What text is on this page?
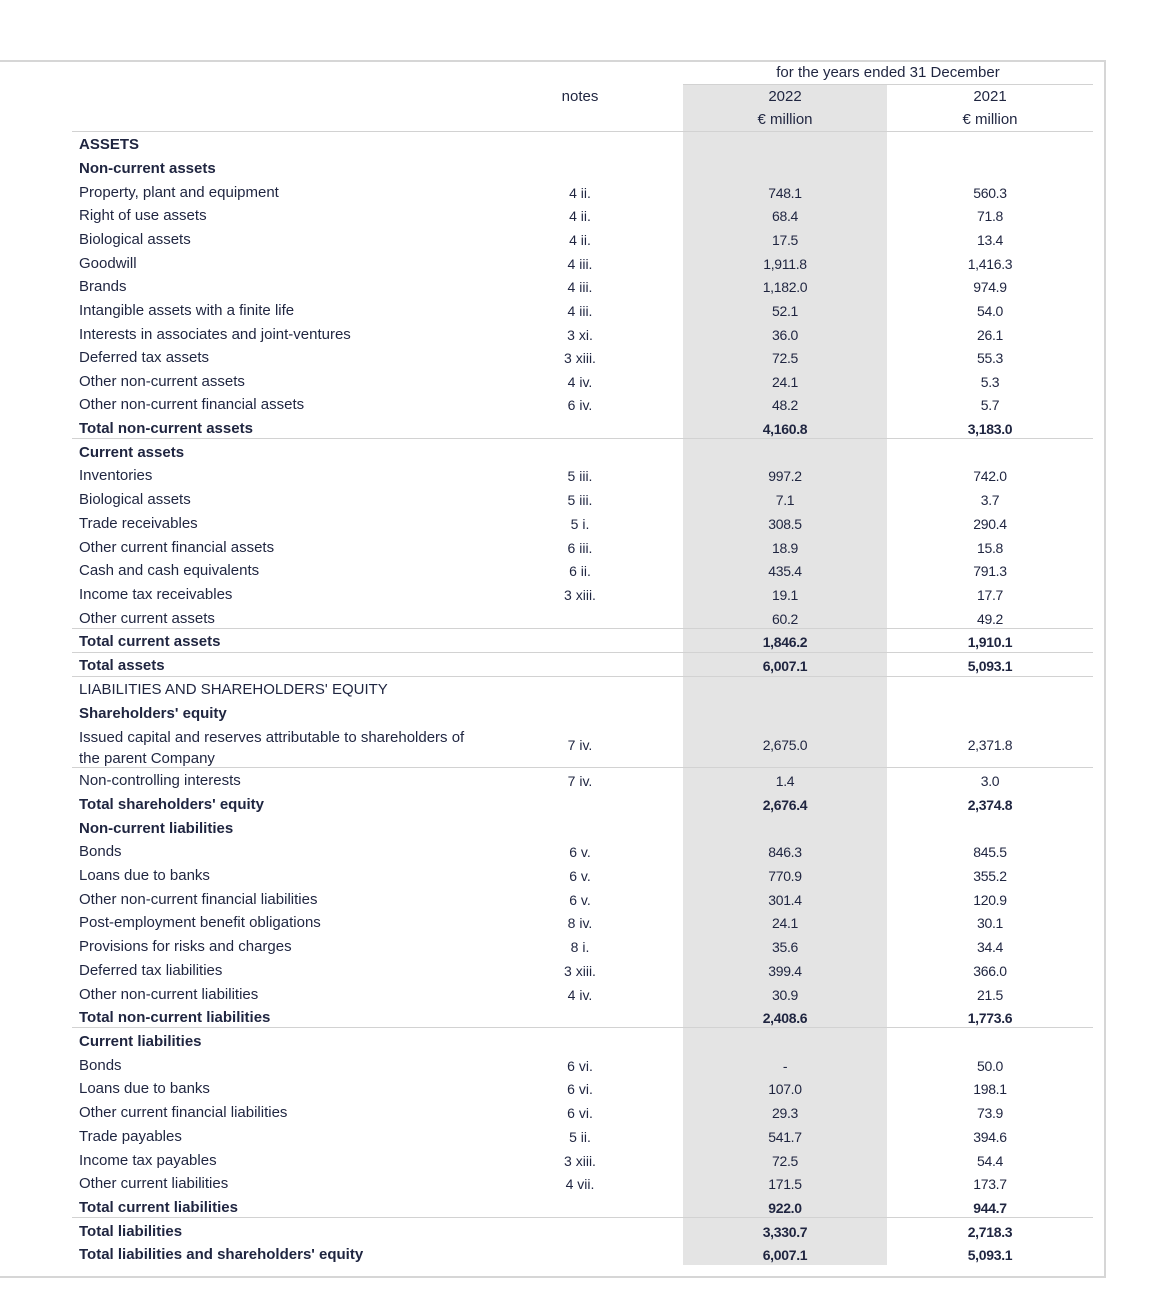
for the years ended 31 December
notes	2022	2021
€ million	€ million
ASSETS
Non-current assets
Property, plant and equipment	4 ii.	748.1	560.3
Right of use assets	4 ii.	68.4	71.8
Biological assets	4 ii.	17.5	13.4
Goodwill	4 iii.	1,911.8	1,416.3
Brands	4 iii.	1,182.0	974.9
Intangible assets with a finite life	4 iii.	52.1	54.0
Interests in associates and joint-ventures	3 xi.	36.0	26.1
Deferred tax assets	3 xiii.	72.5	55.3
Other non-current assets	4 iv.	24.1	5.3
Other non-current financial assets	6 iv.	48.2	5.7
Total non-current assets	4,160.8	3,183.0
Current assets
Inventories	5 iii.	997.2	742.0
Biological assets	5 iii.	7.1	3.7
Trade receivables	5 i.	308.5	290.4
Other current financial assets	6 iii.	18.9	15.8
Cash and cash equivalents	6 ii.	435.4	791.3
Income tax receivables	3 xiii.	19.1	17.7
Other current assets	60.2	49.2
Total current assets	1,846.2	1,910.1
Total assets	6,007.1	5,093.1
LIABILITIES AND SHAREHOLDERS' EQUITY
Shareholders' equity
Issued capital and reserves attributable to shareholders of the parent Company
7 iv.	2,675.0	2,371.8
Non-controlling interests	7 iv.	1.4	3.0
Total shareholders' equity	2,676.4	2,374.8
Non-current liabilities
Bonds	6 v.	846.3	845.5
Loans due to banks	6 v.	770.9	355.2
Other non-current financial liabilities	6 v.	301.4	120.9
Post-employment benefit obligations	8 iv.	24.1	30.1
Provisions for risks and charges	8 i.	35.6	34.4
Deferred tax liabilities	3 xiii.	399.4	366.0
Other non-current liabilities	4 iv.	30.9	21.5
Total non-current liabilities	2,408.6	1,773.6
Current liabilities
Bonds	6 vi.	-	50.0
Loans due to banks	6 vi.	107.0	198.1
Other current financial liabilities	6 vi.	29.3	73.9
Trade payables	5 ii.	541.7	394.6
Income tax payables	3 xiii.	72.5	54.4
Other current liabilities	4 vii.	171.5	173.7
Total current liabilities	922.0	944.7
Total liabilities	3,330.7	2,718.3
Total liabilities and shareholders' equity	6,007.1	5,093.1
